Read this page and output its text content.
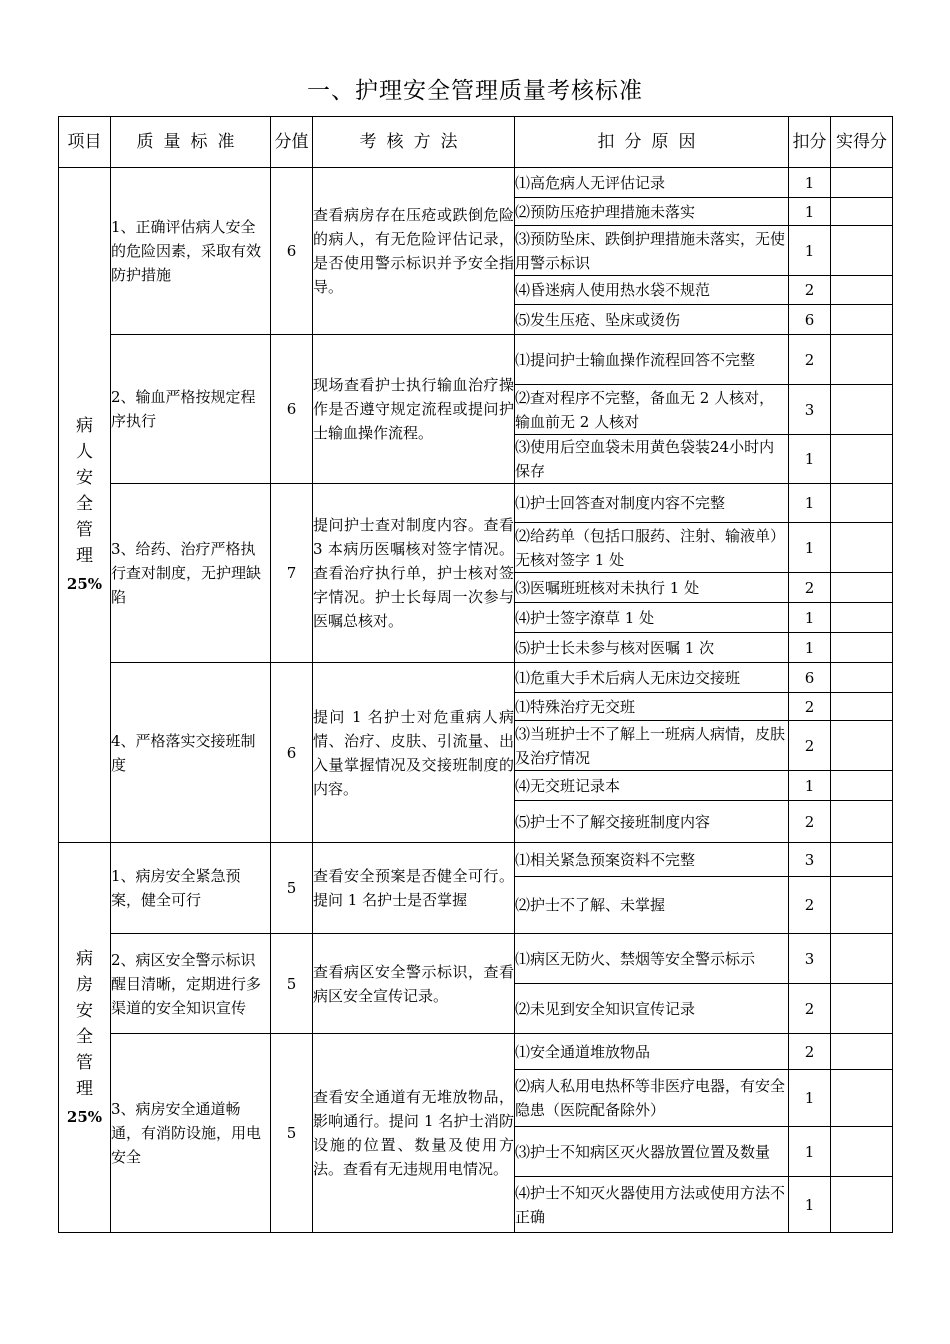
一、护理安全管理质量考核标准
项目	质量标准	分值	考核方法	扣分原因	扣分	实得分

病人安全管理
25%	1、正确评估病人安全的危险因素，采取有效防护措施	6	查看病房存在压疮或跌倒危险的病人，有无危险评估记录，是否使用警示标识并予安全指导。	⑴高危病人无评估记录	1	
				⑵预防压疮护理措施未落实	1	
				⑶预防坠床、跌倒护理措施未落实，无使用警示标识	1	
				⑷昏迷病人使用热水袋不规范	2	
				⑸发生压疮、坠床或烫伤	6	
	2、输血严格按规定程序执行	6	现场查看护士执行输血治疗操作是否遵守规定流程或提问护士输血操作流程。	⑴提问护士输血操作流程回答不完整	2	
				⑵查对程序不完整，备血无 2 人核对，输血前无 2 人核对	3	
				⑶使用后空血袋未用黄色袋装24小时内保存	1	
	3、给药、治疗严格执行查对制度，无护理缺陷	7	提问护士查对制度内容。查看 3 本病历医嘱核对签字情况。查看治疗执行单，护士核对签字情况。护士长每周一次参与医嘱总核对。	⑴护士回答查对制度内容不完整	1	
				⑵给药单（包括口服药、注射、输液单）无核对签字 1 处	1	
				⑶医嘱班班核对未执行 1 处	2	
				⑷护士签字潦草 1 处	1	
				⑸护士长未参与核对医嘱 1 次	1	
	4、严格落实交接班制度	6	提问 1 名护士对危重病人病情、治疗、皮肤、引流量、出入量掌握情况及交接班制度的内容。	⑴危重大手术后病人无床边交接班	6	
				⑴特殊治疗无交班	2	
				⑶当班护士不了解上一班病人病情，皮肤及治疗情况	2	
				⑷无交班记录本	1	
				⑸护士不了解交接班制度内容	2	

病房安全管理
25%	1、病房安全紧急预案，健全可行	5	查看安全预案是否健全可行。提问 1 名护士是否掌握	⑴相关紧急预案资料不完整	3	
				⑵护士不了解、未掌握	2	
	2、病区安全警示标识醒目清晰，定期进行多渠道的安全知识宣传	5	查看病区安全警示标识，查看病区安全宣传记录。	⑴病区无防火、禁烟等安全警示标示	3	
				⑵未见到安全知识宣传记录	2	
	3、病房安全通道畅通，有消防设施，用电安全	5	查看安全通道有无堆放物品，影响通行。提问 1 名护士消防设施的位置、数量及使用方法。查看有无违规用电情况。	⑴安全通道堆放物品	2	
				⑵病人私用电热杯等非医疗电器，有安全隐患（医院配备除外）	1	
				⑶护士不知病区灭火器放置位置及数量	1	
				⑷护士不知灭火器使用方法或使用方法不正确	1	
